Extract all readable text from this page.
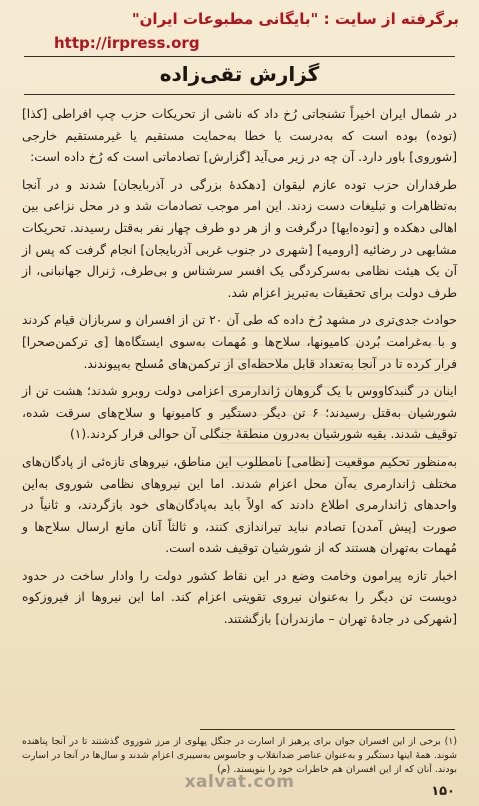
برگرفته از سایت : "بایگانی مطبوعات ایران"
http://irpress.org
گزارش تقی‌زاده

در شمال ایران اخیراً تشنجاتی رُخ داد که ناشی از تحریکات حزب چپ افراطی [کذا] (توده) بوده است که به‌درست یا خطا به‌حمایت مستقیم یا غیرمستقیم خارجی [شوروی] باور دارد. آن چه در زیر می‌آید [گزارش] تصادماتی است که رُخ داده است:

طرفداران حزب توده عازم لیقوان [دهکدهٔ بزرگی در آذربایجان] شدند و در آنجا به‌تظاهرات و تبلیغات دست زدند. این امر موجب تصادمات شد و در محل نزاعی بین اهالی دهکده و [توده‌ایها] درگرفت و از هر دو طرف چهار نفر به‌قتل رسیدند. تحریکات مشابهی در رضائیه [ارومیه] [شهری در جنوب غربی آذربایجان] انجام گرفت که پس از آن یک هیئت نظامی به‌سرکردگی یک افسر سرشناس و بی‌طرف، ژنرال جهانبانی، از طرف دولت برای تحقیقات به‌تبریز اعزام شد.

حوادث جدی‌تری در مشهد رُخ داده که طی آن ۲۰ تن از افسران و سربازان قیام کردند و با به‌غرامت بُردن کامیونها، سلاح‌ها و مُهمات به‌سوی ایستگاه‌ها [ی ترکمن‌صحرا] فرار کرده تا در آنجا به‌تعداد قابل ملاحظه‌ای از ترکمن‌های مُسلح به‌پیوندند.

اینان در گنبدکاووس با یک گروهان ژاندارمری اعزامی دولت روبرو شدند؛ هشت تن از شورشیان به‌قتل رسیدند؛ ۶ تن دیگر دستگیر و کامیونها و سلاح‌های سرقت شده، توقیف شدند. بقیه شورشیان به‌درون منطقهٔ جنگلی آن حوالی فرار کردند.(۱)

به‌منظور تحکیم موقعیت [نظامی] نامطلوب این مناطق، نیروهای تازه‌ئی از پادگان‌های مختلف ژاندارمری به‌آن محل اعزام شدند. اما این نیروهای نظامی شوروی به‌این واحدهای ژاندارمری اطلاع دادند که اولاً باید به‌پادگان‌های خود بازگردند، و ثانیاً در صورت [پیش آمدن] تصادم نباید تیراندازی کنند، و ثالثاً آنان مانع ارسال سلاح‌ها و مُهمات به‌تهران هستند که از شورشیان توقیف شده است.

اخبار تازه پیرامون وخامت وضع در این نقاط کشور دولت را وادار ساخت در حدود دویست تن دیگر را به‌عنوان نیروی تقویتی اعزام کند. اما این نیروها از فیروزکوه [شهرکی در جادهٔ تهران – مازندران] بازگشتند.

(۱) برخی از این افسران جوان برای پرهیز از اسارت در جنگل پهلوی از مرز شوروی گذشتند تا در آنجا پناهنده شوند. همهٔ اینها دستگیر و به‌عنوان عناصر ضدانقلاب و جاسوس به‌سیبری اعزام شدند و سال‌ها در آنجا در اسارت بودند. آنان که از این افسران هم خاطرات خود را بنویسند. (م)
xalvat.com	۱۵۰
